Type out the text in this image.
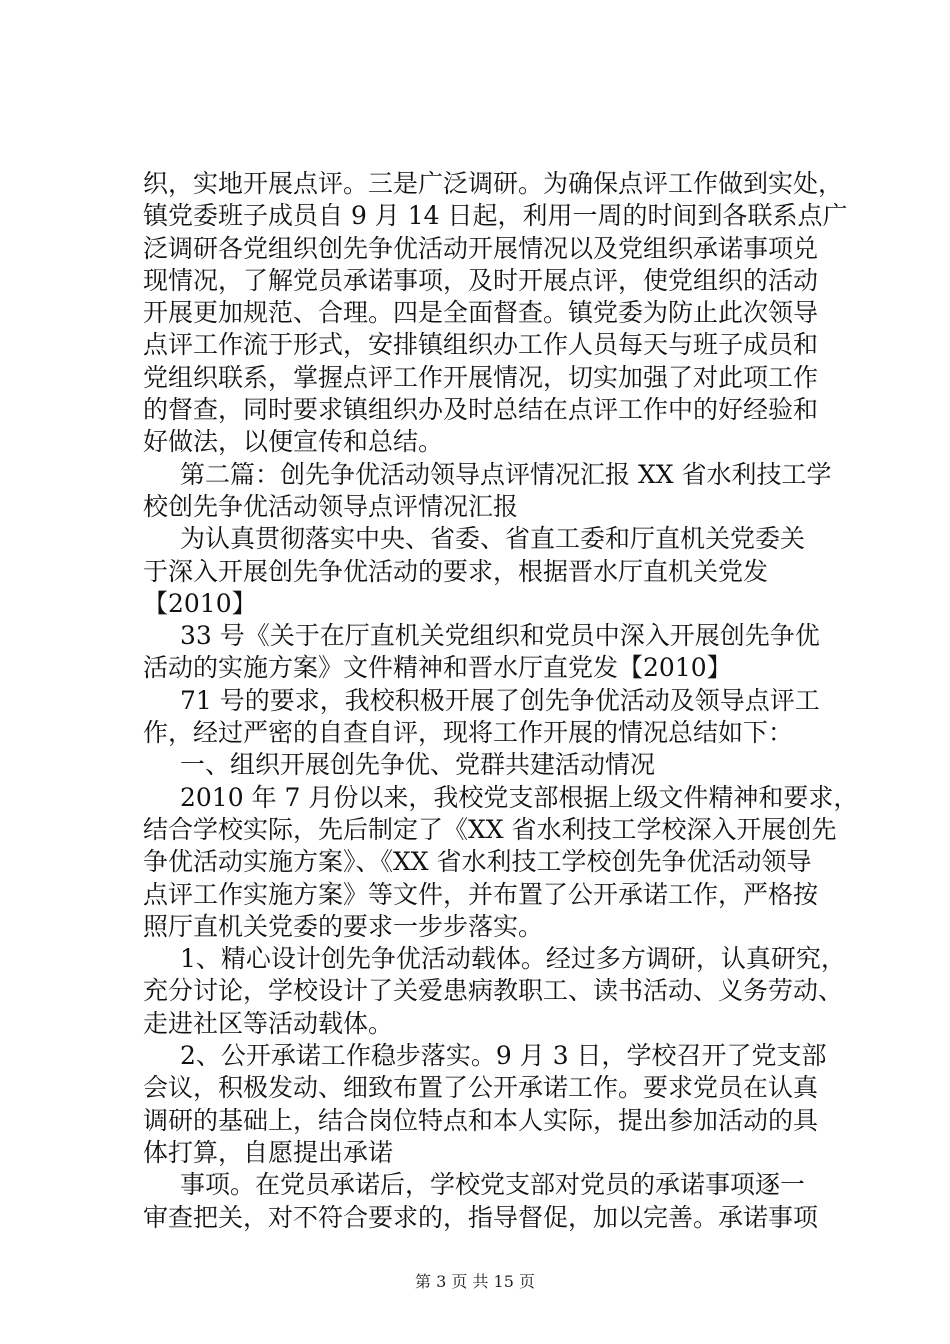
织，实地开展点评。三是广泛调研。为确保点评工作做到实处，
镇党委班子成员自 9 月 14 日起，利用一周的时间到各联系点广
泛调研各党组织创先争优活动开展情况以及党组织承诺事项兑
现情况，了解党员承诺事项，及时开展点评，使党组织的活动
开展更加规范、合理。四是全面督查。镇党委为防止此次领导
点评工作流于形式，安排镇组织办工作人员每天与班子成员和
党组织联系，掌握点评工作开展情况，切实加强了对此项工作
的督查，同时要求镇组织办及时总结在点评工作中的好经验和
好做法，以便宣传和总结。
第二篇：创先争优活动领导点评情况汇报 XX 省水利技工学
校创先争优活动领导点评情况汇报
为认真贯彻落实中央、省委、省直工委和厅直机关党委关
于深入开展创先争优活动的要求，根据晋水厅直机关党发
【2010】
33 号《关于在厅直机关党组织和党员中深入开展创先争优
活动的实施方案》文件精神和晋水厅直党发【2010】
71 号的要求，我校积极开展了创先争优活动及领导点评工
作，经过严密的自查自评，现将工作开展的情况总结如下：
一、组织开展创先争优、党群共建活动情况
2010 年 7 月份以来，我校党支部根据上级文件精神和要求，
结合学校实际，先后制定了《XX 省水利技工学校深入开展创先
争优活动实施方案》、《XX 省水利技工学校创先争优活动领导
点评工作实施方案》等文件，并布置了公开承诺工作，严格按
照厅直机关党委的要求一步步落实。
1、精心设计创先争优活动载体。经过多方调研，认真研究，
充分讨论，学校设计了关爱患病教职工、读书活动、义务劳动、
走进社区等活动载体。
2、公开承诺工作稳步落实。9 月 3 日，学校召开了党支部
会议，积极发动、细致布置了公开承诺工作。要求党员在认真
调研的基础上，结合岗位特点和本人实际，提出参加活动的具
体打算，自愿提出承诺
事项。在党员承诺后，学校党支部对党员的承诺事项逐一
审查把关，对不符合要求的，指导督促，加以完善。承诺事项
第 3 页 共 15 页
